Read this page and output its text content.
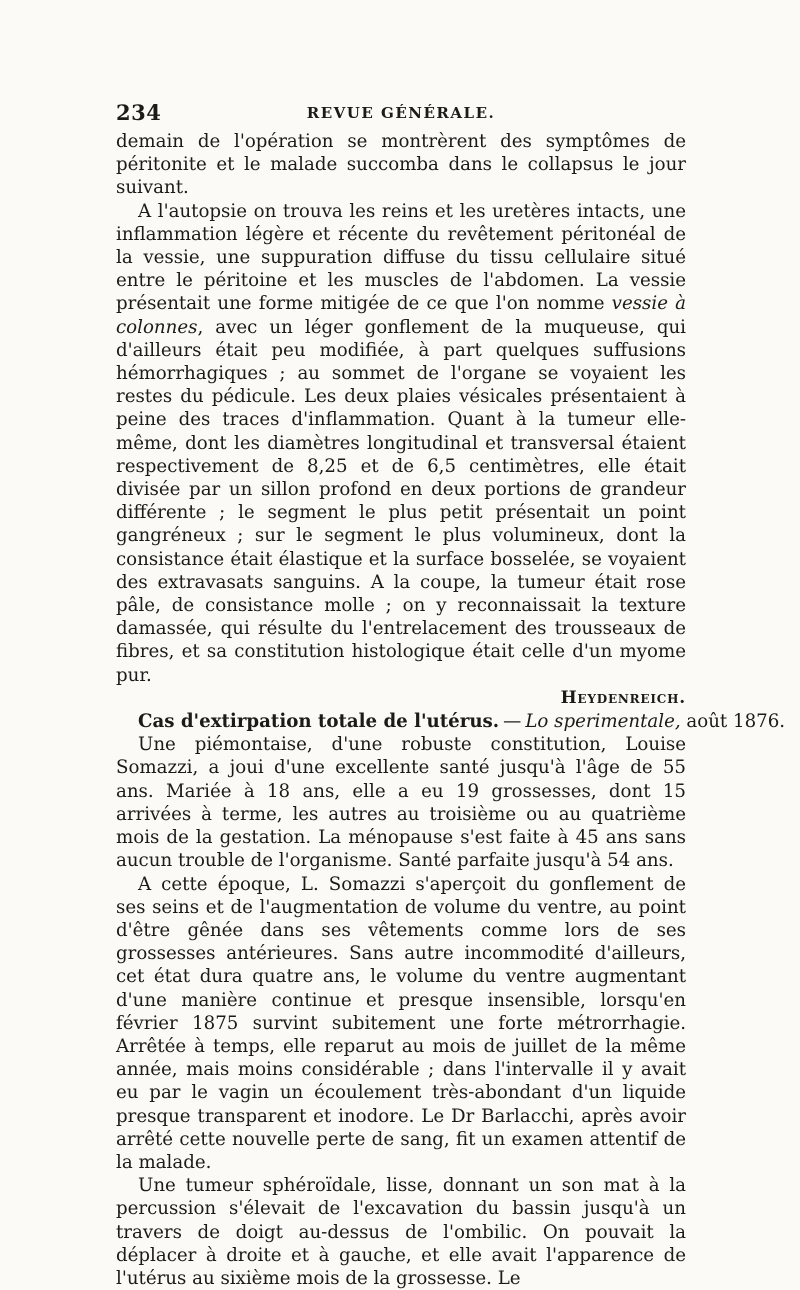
234	REVUE GÉNÉRALE.

demain de l'opération se montrèrent des symptômes de péritonite et le malade succomba dans le collapsus le jour suivant.

A l'autopsie on trouva les reins et les uretères intacts, une inflammation légère et récente du revêtement péritonéal de la vessie, une suppuration diffuse du tissu cellulaire situé entre le péritoine et les muscles de l'abdomen. La vessie présentait une forme mitigée de ce que l'on nomme vessie à colonnes, avec un léger gonflement de la muqueuse, qui d'ailleurs était peu modifiée, à part quelques suffusions hémorrhagiques ; au sommet de l'organe se voyaient les restes du pédicule. Les deux plaies vésicales présentaient à peine des traces d'inflammation. Quant à la tumeur elle-même, dont les diamètres longitudinal et transversal étaient respectivement de 8,25 et de 6,5 centimètres, elle était divisée par un sillon profond en deux portions de grandeur différente ; le segment le plus petit présentait un point gangréneux ; sur le segment le plus volumineux, dont la consistance était élastique et la surface bosselée, se voyaient des extravasats sanguins. A la coupe, la tumeur était rose pâle, de consistance molle ; on y reconnaissait la texture damassée, qui résulte du l'entrelacement des trousseaux de fibres, et sa constitution histologique était celle d'un myome pur.

Heydenreich.

Cas d'extirpation totale de l'utérus. — Lo sperimentale, août 1876.

Une piémontaise, d'une robuste constitution, Louise Somazzi, a joui d'une excellente santé jusqu'à l'âge de 55 ans. Mariée à 18 ans, elle a eu 19 grossesses, dont 15 arrivées à terme, les autres au troisième ou au quatrième mois de la gestation. La ménopause s'est faite à 45 ans sans aucun trouble de l'organisme. Santé parfaite jusqu'à 54 ans.

A cette époque, L. Somazzi s'aperçoit du gonflement de ses seins et de l'augmentation de volume du ventre, au point d'être gênée dans ses vêtements comme lors de ses grossesses antérieures. Sans autre incommodité d'ailleurs, cet état dura quatre ans, le volume du ventre augmentant d'une manière continue et presque insensible, lorsqu'en février 1875 survint subitement une forte métrorrhagie. Arrêtée à temps, elle reparut au mois de juillet de la même année, mais moins considérable ; dans l'intervalle il y avait eu par le vagin un écoulement très-abondant d'un liquide presque transparent et inodore. Le Dr Barlacchi, après avoir arrêté cette nouvelle perte de sang, fit un examen attentif de la malade.

Une tumeur sphéroïdale, lisse, donnant un son mat à la percussion s'élevait de l'excavation du bassin jusqu'à un travers de doigt au-dessus de l'ombilic. On pouvait la déplacer à droite et à gauche, et elle avait l'apparence de l'utérus au sixième mois de la grossesse. Le
